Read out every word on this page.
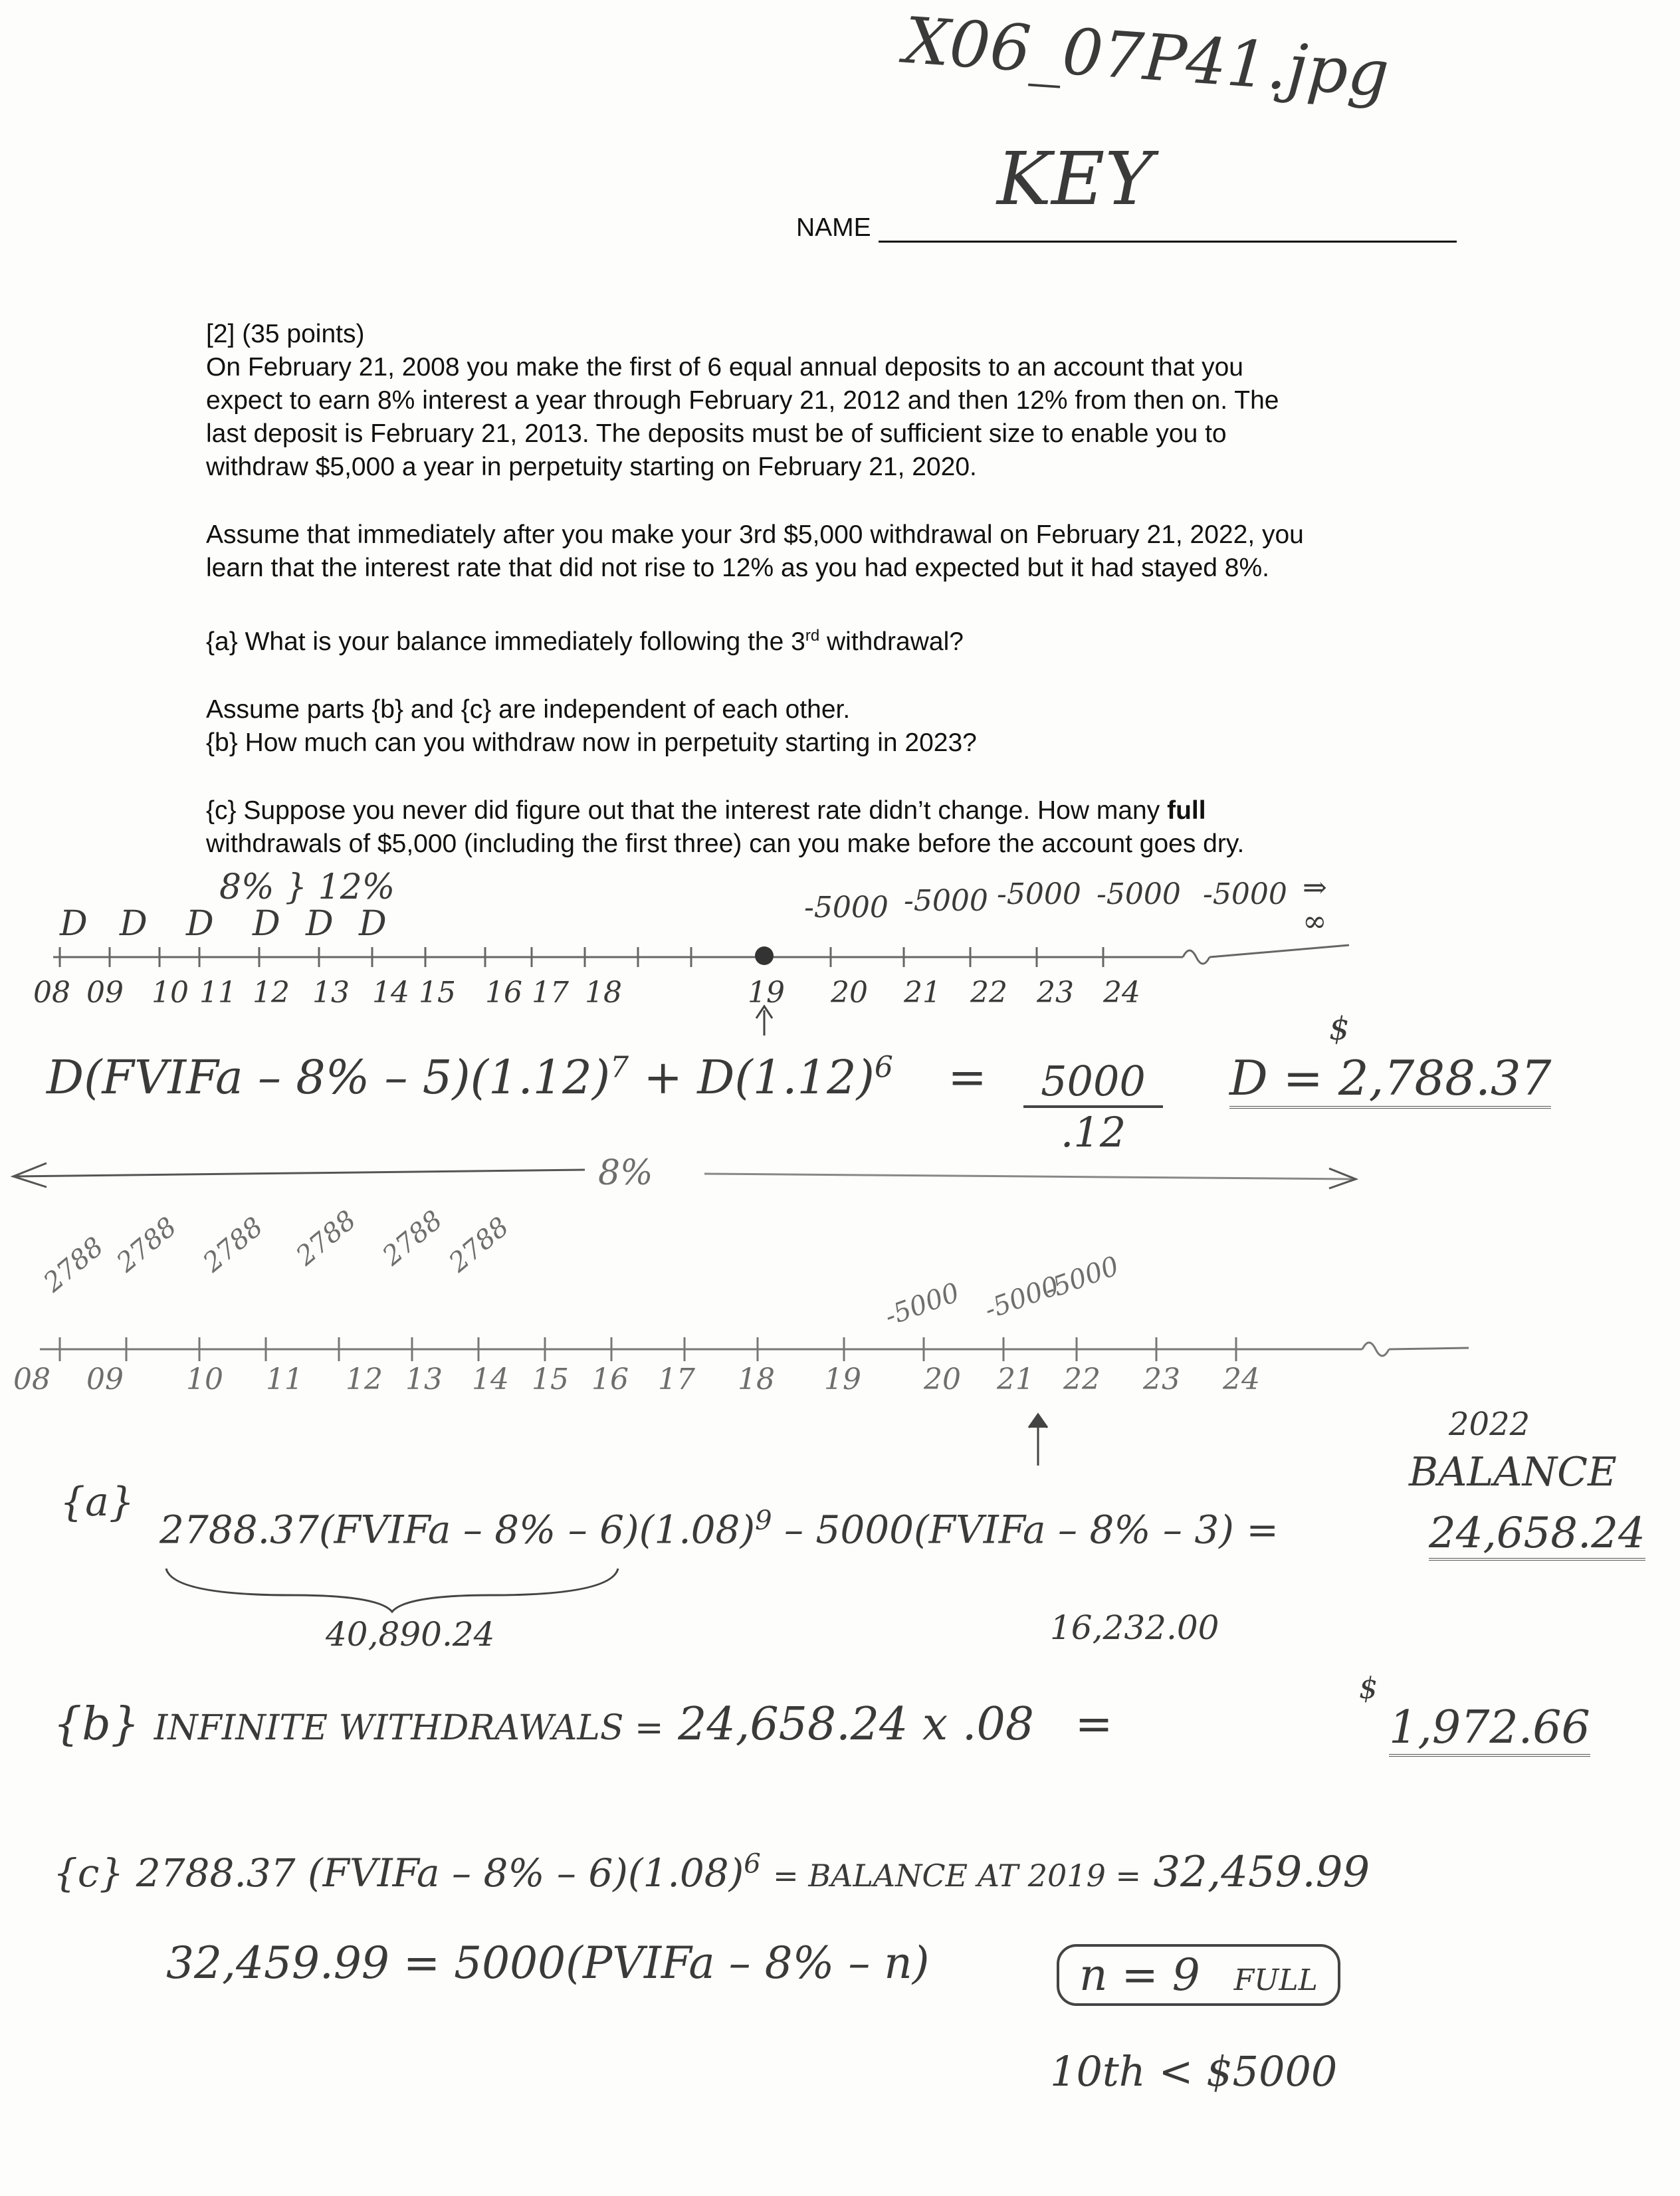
X06_07P41.jpg
KEY
NAME
[2] (35 points)
On February 21, 2008 you make the first of 6 equal annual deposits to an account that you
expect to earn 8% interest a year through February 21, 2012 and then 12% from then on. The
last deposit is February 21, 2013. The deposits must be of sufficient size to enable you to
withdraw $5,000 a year in perpetuity starting on February 21, 2020.
Assume that immediately after you make your 3rd $5,000 withdrawal on February 21, 2022, you
learn that the interest rate that did not rise to 12% as you had expected but it had stayed 8%.
{a} What is your balance immediately following the 3rd withdrawal?
Assume parts {b} and {c} are independent of each other.
{b} How much can you withdraw now in perpetuity starting in 2023?
{c} Suppose you never did figure out that the interest rate didn’t change. How many full
withdrawals of $5,000 (including the first three) can you make before the account goes dry.
8% } 12%
D D D D D D	-5000 -5000 -5000 -5000 -5000 ⇒ ∞
08 09 10 11 12 13 14 15 16 17 18	19 20 21 22 23 24
D(FVIFa – $8\% - 5)(1.12)^7 + D(1.12)^6 = \frac{5000}{.12}$
$
D = 2,788.37
8%
2788 2788 2788 2788 2788
2788
-5000 -5000
-5000
08 09 10 11 12 13 14 15 16 17 18 19 20 21 22 23 24
2022
BALANCE
{a}
2788.37(FVIFa – $8\% - 6)(1.08)^9$ – 5000(FVIFa – 8% – 3) =	24,658.24
40,890.24	16,232.00
{b} INFINITE WITHDRAWALS = 24,658.24 x .08 =
$
1,972.66
{c} 2788.37 (FVIFa – $8\% - 6)(1.08)^6$ = BALANCE AT 2019 = 32,459.99
32,459.99 = 5000(PVIFa – 8% – n)	n = 9 FULL
10th < $5000
